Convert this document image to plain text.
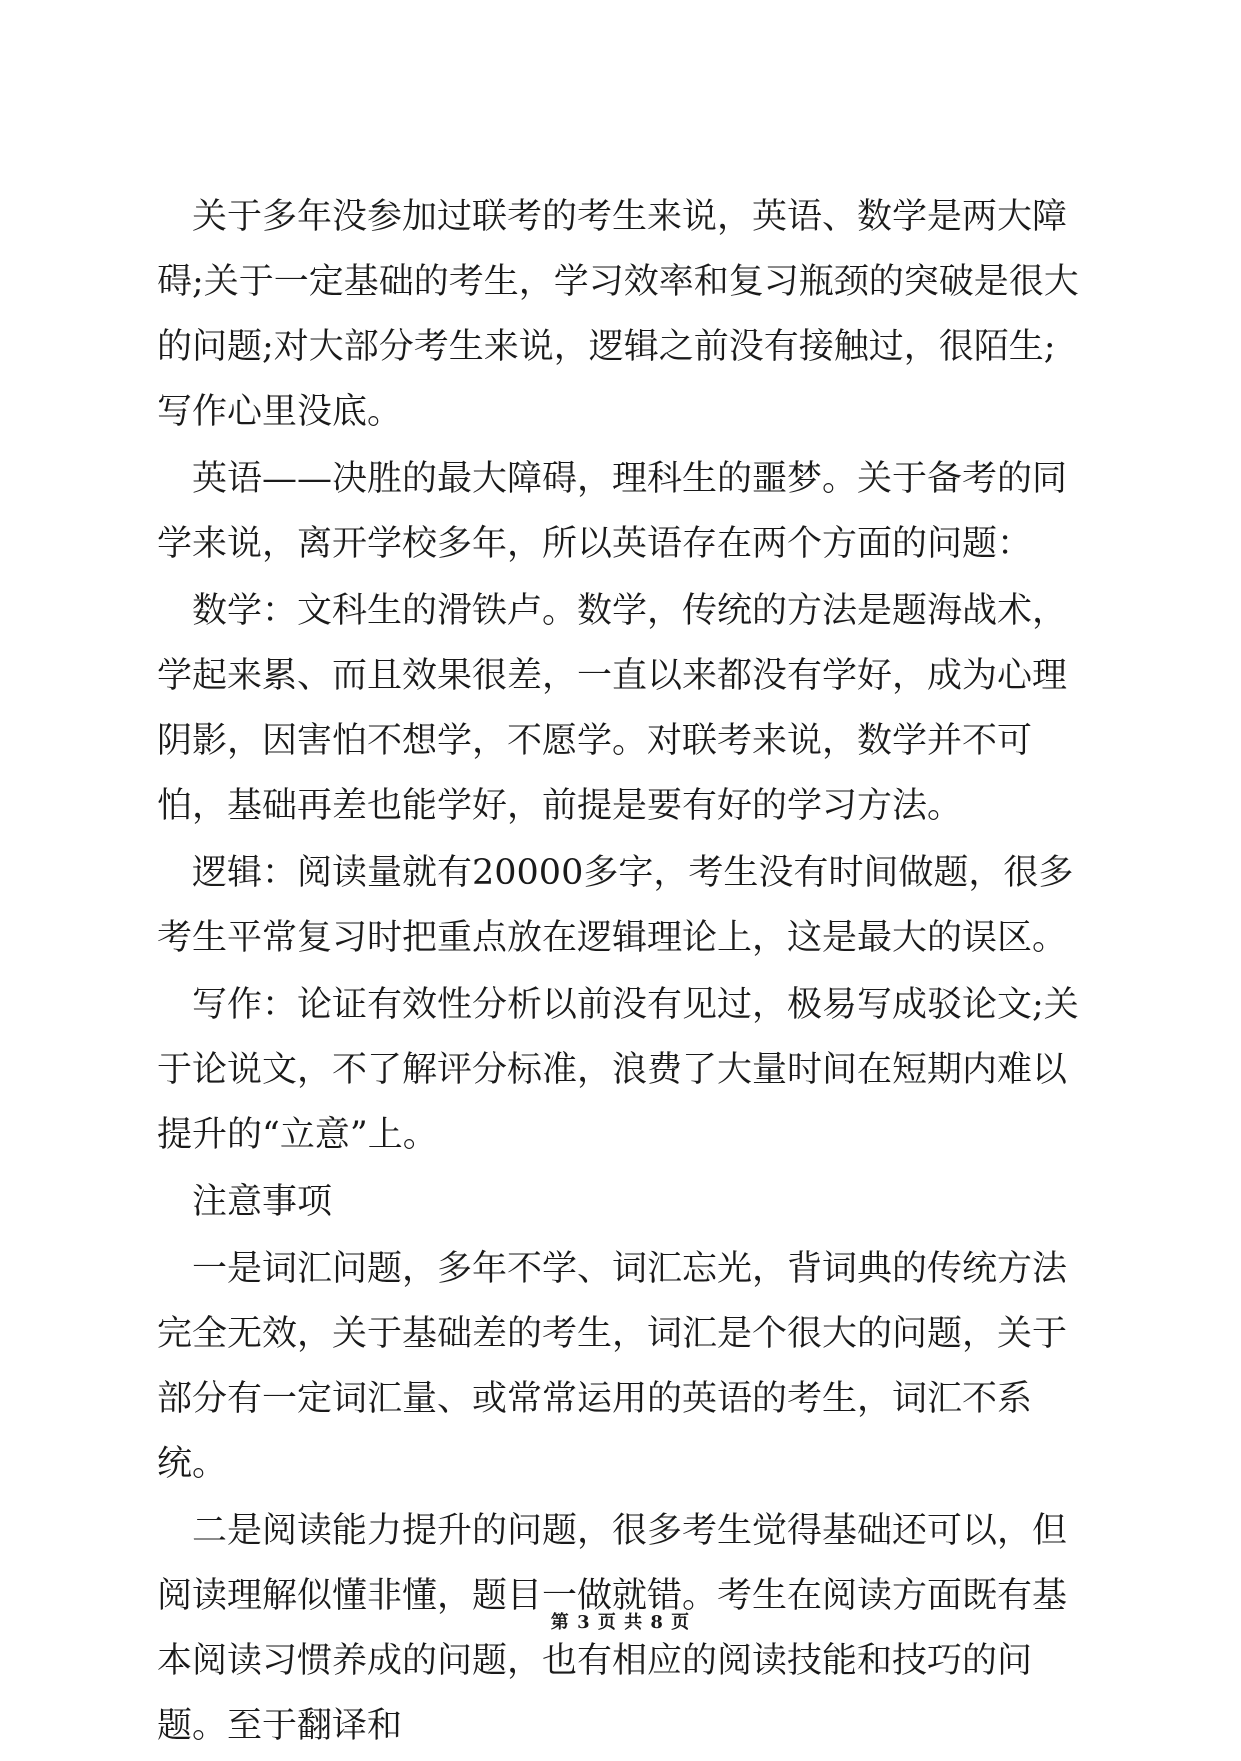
关于多年没参加过联考的考生来说，英语、数学是两大障碍;关于一定基础的考生，学习效率和复习瓶颈的突破是很大的问题;对大部分考生来说，逻辑之前没有接触过，很陌生;写作心里没底。

英语——决胜的最大障碍，理科生的噩梦。关于备考的同学来说，离开学校多年，所以英语存在两个方面的问题：

数学：文科生的滑铁卢。数学，传统的方法是题海战术，学起来累、而且效果很差，一直以来都没有学好，成为心理阴影，因害怕不想学，不愿学。对联考来说，数学并不可怕，基础再差也能学好，前提是要有好的学习方法。

逻辑：阅读量就有20000多字，考生没有时间做题，很多考生平常复习时把重点放在逻辑理论上，这是最大的误区。

写作：论证有效性分析以前没有见过，极易写成驳论文;关于论说文，不了解评分标准，浪费了大量时间在短期内难以提升的“立意”上。

注意事项

一是词汇问题，多年不学、词汇忘光，背词典的传统方法完全无效，关于基础差的考生，词汇是个很大的问题，关于部分有一定词汇量、或常常运用的英语的考生，词汇不系统。

二是阅读能力提升的问题，很多考生觉得基础还可以，但阅读理解似懂非懂，题目一做就错。考生在阅读方面既有基本阅读习惯养成的问题，也有相应的阅读技能和技巧的问题。至于翻译和

第 3 页 共 8 页
